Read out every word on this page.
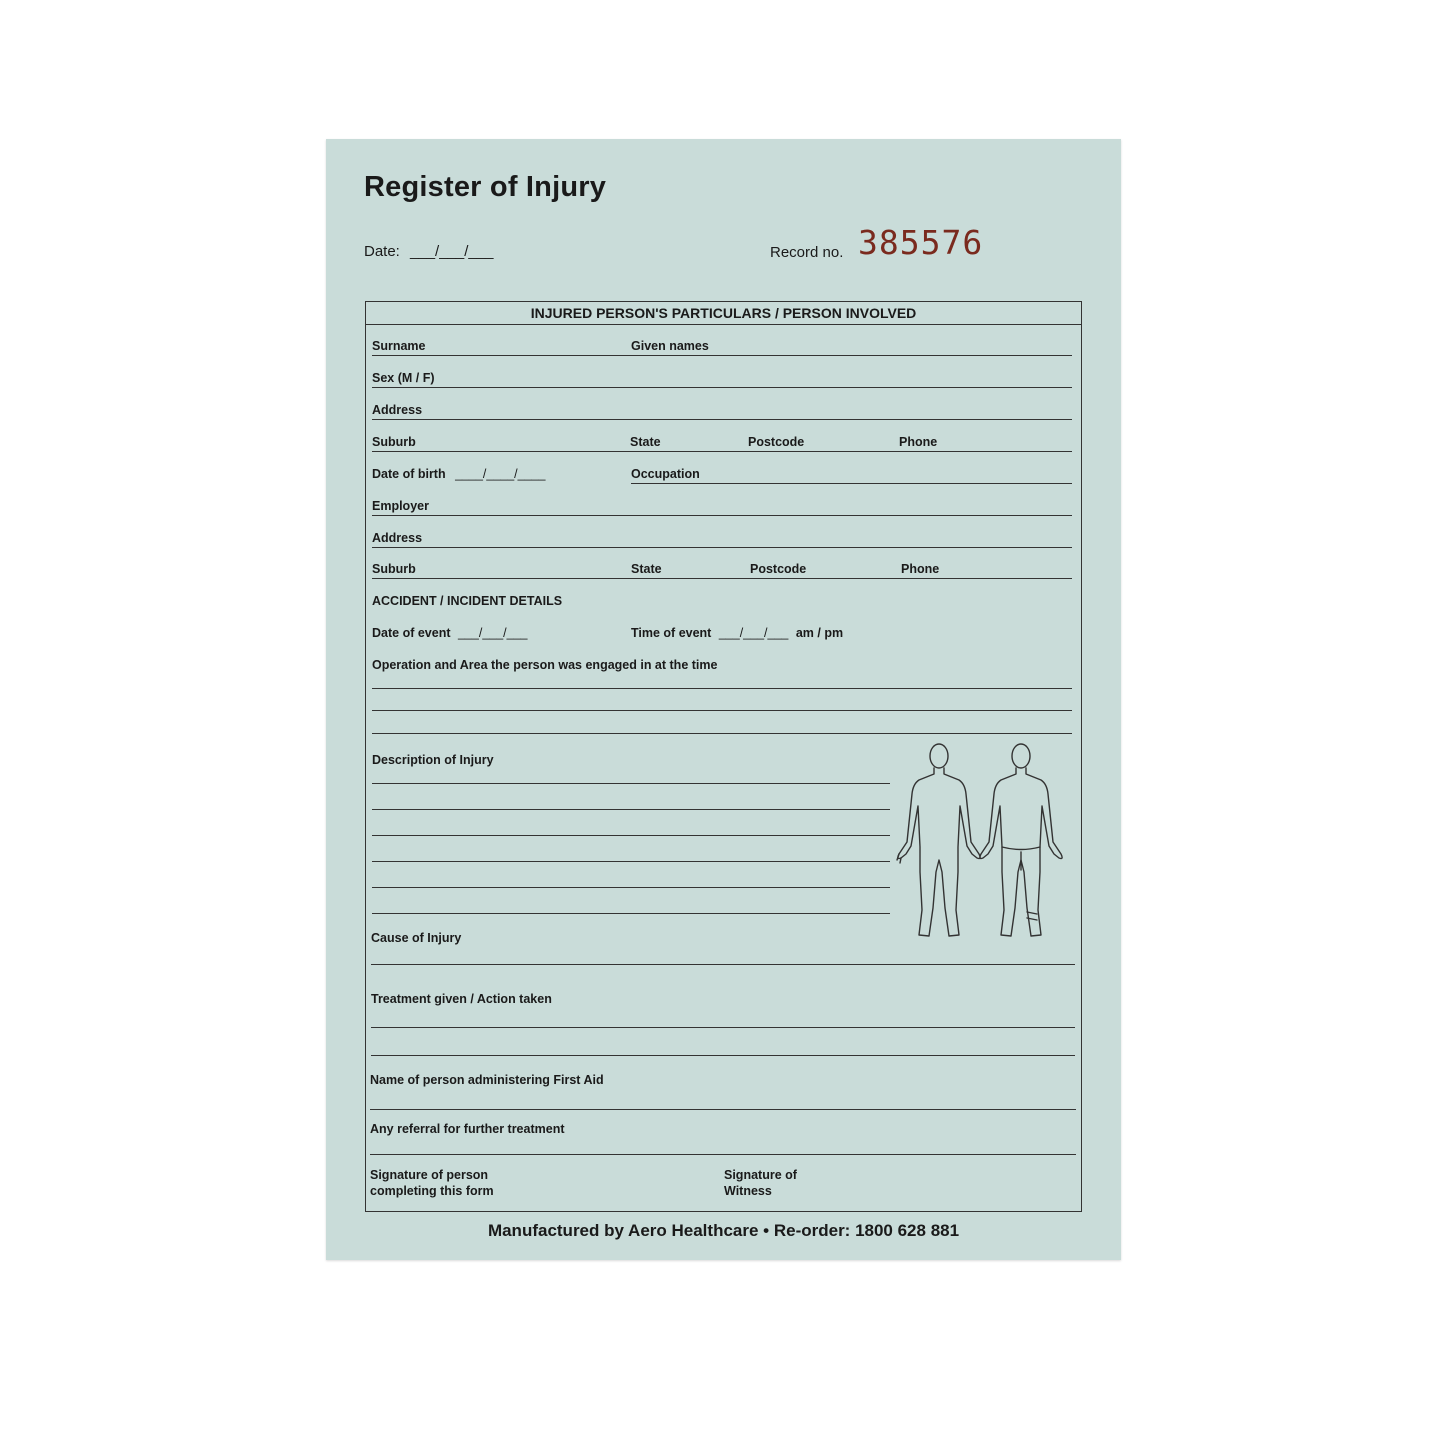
Register of Injury
Date: ___/___/___	Record no. 385576
INJURED PERSON'S PARTICULARS / PERSON INVOLVED
Surname	Given names
Sex (M / F)
Address
Suburb	State	Postcode	Phone
Date of birth ____/____/____	Occupation
Employer
Address
Suburb	State	Postcode	Phone
ACCIDENT / INCIDENT DETAILS
Date of event ___/___/___	Time of event ___/___/___ am / pm
Operation and Area the person was engaged in at the time
Description of Injury
Cause of Injury
Treatment given / Action taken
Name of person administering First Aid
Any referral for further treatment
Signature of person completing this form
Signature of Witness
Manufactured by Aero Healthcare • Re-order: 1800 628 881
